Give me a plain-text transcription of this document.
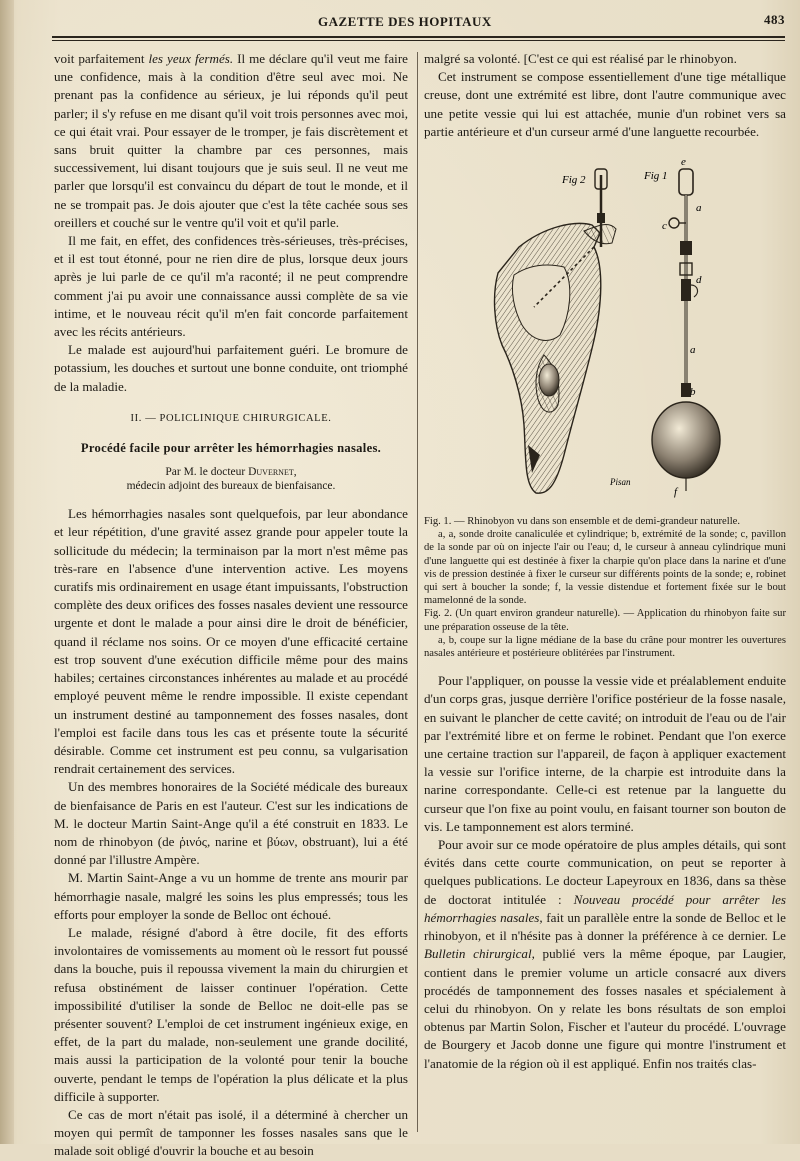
GAZETTE DES HOPITAUX	483

voit parfaitement les yeux fermés. Il me déclare qu'il veut me faire une confidence, mais à la condition d'être seul avec moi. Ne prenant pas la confidence au sérieux, je lui réponds qu'il peut parler; il s'y refuse en me disant qu'il voit trois personnes avec moi, ce qui était vrai. Pour essayer de le tromper, je fais discrètement et sans bruit quitter la chambre par ces personnes, mais successivement, lui disant toujours que je suis seul. Il ne veut me parler que lorsqu'il est convaincu du départ de tout le monde, et il ne se trompait pas. Je dois ajouter que c'est la tête cachée sous ses oreillers et couché sur le ventre qu'il voit et qu'il parle.

Il me fait, en effet, des confidences très-sérieuses, très-précises, et il est tout étonné, pour ne rien dire de plus, lorsque deux jours après je lui parle de ce qu'il m'a raconté; il ne peut comprendre comment j'ai pu avoir une connaissance aussi complète de sa vie intime, et le nouveau récit qu'il m'en fait concorde parfaitement avec les récits antérieurs.

Le malade est aujourd'hui parfaitement guéri. Le bromure de potassium, les douches et surtout une bonne conduite, ont triomphé de la maladie.

II. — POLICLINIQUE CHIRURGICALE.

Procédé facile pour arrêter les hémorrhagies nasales.

Par M. le docteur Duvernet,
médecin adjoint des bureaux de bienfaisance.

Les hémorrhagies nasales sont quelquefois, par leur abondance et leur répétition, d'une gravité assez grande pour appeler toute la sollicitude du médecin; la terminaison par la mort n'est même pas très-rare en l'absence d'une intervention active. Les moyens curatifs mis ordinairement en usage étant impuissants, l'obstruction complète des deux orifices des fosses nasales devient une ressource urgente et dont le malade a pour ainsi dire le droit de bénéficier, quand il réclame nos soins. Or ce moyen d'une efficacité certaine est trop souvent d'une exécution difficile même pour des mains habiles; certaines circonstances inhérentes au malade et au procédé employé peuvent même le rendre impossible. Il existe cependant un instrument destiné au tamponnement des fosses nasales, dont l'emploi est facile dans tous les cas et présente toute la sécurité désirable. Comme cet instrument est peu connu, sa vulgarisation rendrait certainement des services.

Un des membres honoraires de la Société médicale des bureaux de bienfaisance de Paris en est l'auteur. C'est sur les indications de M. le docteur Martin Saint-Ange qu'il a été construit en 1833. Le nom de rhinobyon (de ῥινός, narine et βύων, obstruant), lui a été donné par l'illustre Ampère.

M. Martin Saint-Ange a vu un homme de trente ans mourir par hémorrhagie nasale, malgré les soins les plus empressés; tous les efforts pour employer la sonde de Belloc ont échoué.

Le malade, résigné d'abord à être docile, fit des efforts involontaires de vomissements au moment où le ressort fut poussé dans la bouche, puis il repoussa vivement la main du chirurgien et refusa obstinément de laisser continuer l'opération. Cette impossibilité d'utiliser la sonde de Belloc ne doit-elle pas se présenter souvent? L'emploi de cet instrument ingénieux exige, en effet, de la part du malade, non-seulement une grande docilité, mais aussi la participation de la volonté pour tenir la bouche ouverte, pendant le temps de l'opération la plus délicate et la plus difficile à supporter.

Ce cas de mort n'était pas isolé, il a déterminé à chercher un moyen qui permît de tamponner les fosses nasales sans que le malade soit obligé d'ouvrir la bouche et au besoin

malgré sa volonté. [C'est ce qui est réalisé par le rhinobyon.

Cet instrument se compose essentiellement d'une tige métallique creuse, dont une extrémité est libre, dont l'autre communique avec une petite vessie qui lui est attachée, munie d'un robinet vers sa partie antérieure et d'un curseur armé d'une languette recourbée.

Fig 2	Fig 1
e
a
c
d
a
b
f
Pisan

Fig. 1. — Rhinobyon vu dans son ensemble et de demi-grandeur naturelle.

a, a, sonde droite canaliculée et cylindrique; b, extrémité de la sonde; c, pavillon de la sonde par où on injecte l'air ou l'eau; d, le curseur à anneau cylindrique muni d'une languette qui est destinée à fixer la charpie qu'on place dans la narine et d'une vis de pression destinée à fixer le curseur sur différents points de la sonde; e, robinet qui sert à boucher la sonde; f, la vessie distendue et fortement fixée sur le bout mamelonné de la sonde.

Fig. 2. (Un quart environ grandeur naturelle). — Application du rhinobyon faite sur une préparation osseuse de la tête.

a, b, coupe sur la ligne médiane de la base du crâne pour montrer les ouvertures nasales antérieure et postérieure oblitérées par l'instrument.

Pour l'appliquer, on pousse la vessie vide et préalablement enduite d'un corps gras, jusque derrière l'orifice postérieur de la fosse nasale, en suivant le plancher de cette cavité; on introduit de l'eau ou de l'air par l'extrémité libre et on ferme le robinet. Pendant que l'on exerce une certaine traction sur l'appareil, de façon à appliquer exactement la vessie sur l'orifice interne, de la charpie est introduite dans la narine correspondante. Celle-ci est retenue par la languette du curseur que l'on fixe au point voulu, en faisant tourner son bouton de vis. Le tamponnement est alors terminé.

Pour avoir sur ce mode opératoire de plus amples détails, qui sont évités dans cette courte communication, on peut se reporter à quelques publications. Le docteur Lapeyroux en 1836, dans sa thèse de doctorat intitulée : Nouveau procédé pour arrêter les hémorrhagies nasales, fait un parallèle entre la sonde de Belloc et le rhinobyon, et il n'hésite pas à donner la préférence à ce dernier. Le Bulletin chirurgical, publié vers la même époque, par Laugier, contient dans le premier volume un article consacré aux divers procédés de tamponnement des fosses nasales et spécialement à celui du rhinobyon. On y relate les bons résultats de son emploi obtenus par Martin Solon, Fischer et l'auteur du procédé. L'ouvrage de Bourgery et Jacob donne une figure qui montre l'instrument et l'anatomie de la région où il est appliqué. Enfin nos traités clas-
